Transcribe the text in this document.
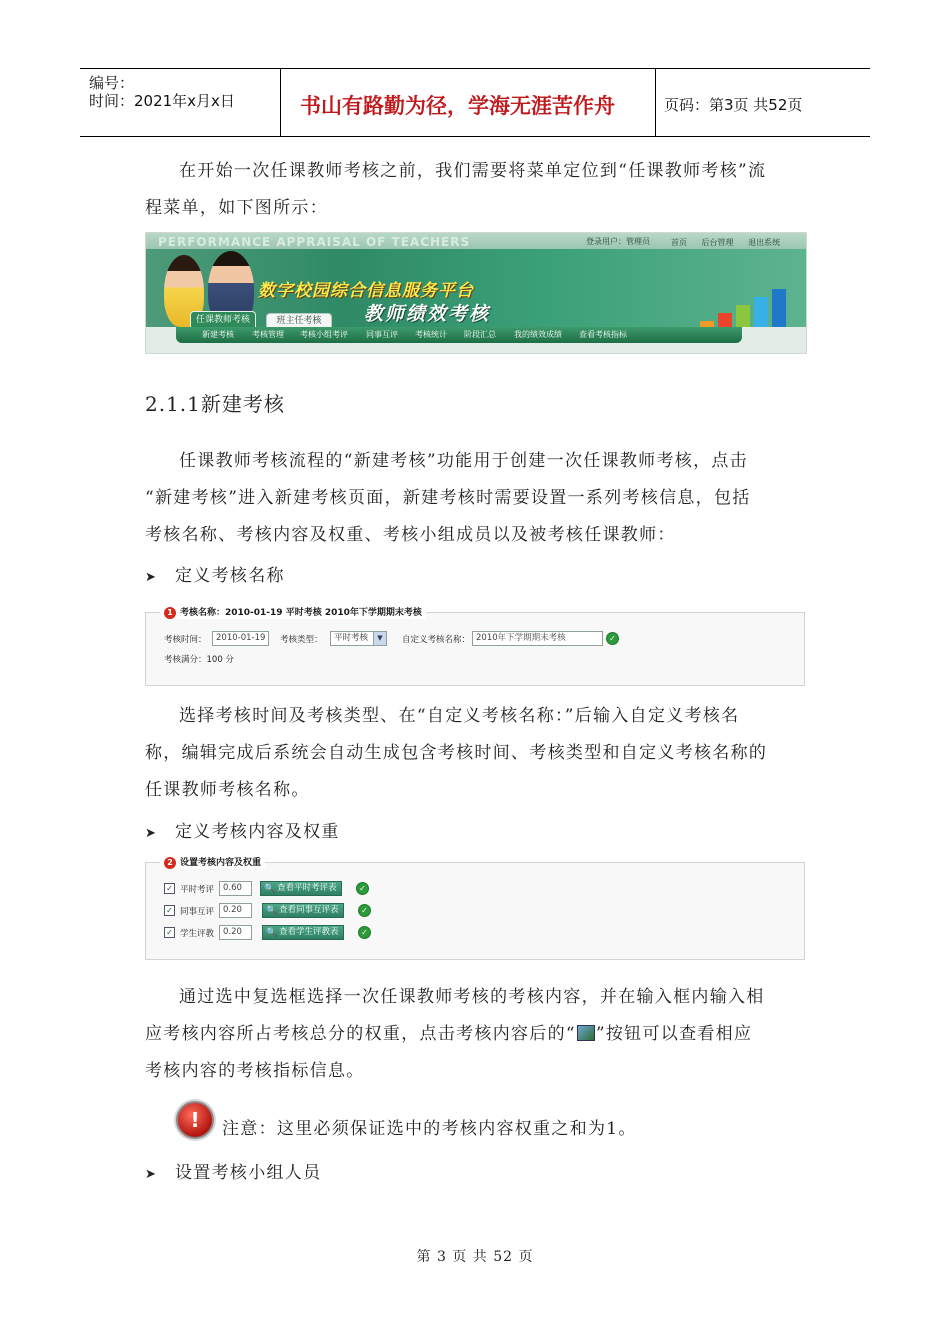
编号：
时间：2021年x月x日	书山有路勤为径，学海无涯苦作舟	页码：第3页 共52页
在开始一次任课教师考核之前，我们需要将菜单定位到“任课教师考核”流
程菜单，如下图所示：
PERFORMANCE APPRAISAL OF TEACHERS	登录用户：管理员	首页 后台管理 退出系统
数字校园综合信息服务平台
教师绩效考核
任课教师考核	班主任考核
新建考核 考核管理 考核小组考评 同事互评 考核统计 阶段汇总 我的绩效成绩 查看考核指标
2.1.1新建考核
任课教师考核流程的“新建考核”功能用于创建一次任课教师考核，点击
“新建考核”进入新建考核页面，新建考核时需要设置一系列考核信息，包括
考核名称、考核内容及权重、考核小组成员以及被考核任课教师：
➤ 定义考核名称
1 考核名称：2010-01-19 平时考核 2010年下学期期末考核
考核时间：	2010-01-19	考核类型：	平时考核	▼	自定义考核名称： 2010年下学期期末考核	✓
考核满分：100 分
选择考核时间及考核类型、在“自定义考核名称：”后输入自定义考核名
称，编辑完成后系统会自动生成包含考核时间、考核类型和自定义考核名称的
任课教师考核名称。
➤ 定义考核内容及权重
2 设置考核内容及权重
✓ 平时考评	0.60	🔍 查看平时考评表	✓
✓ 同事互评	0.20	🔍 查看同事互评表	✓
✓ 学生评教	0.20	🔍 查看学生评教表	✓
通过选中复选框选择一次任课教师考核的考核内容，并在输入框内输入相
应考核内容所占考核总分的权重，点击考核内容后的“ ”按钮可以查看相应
考核内容的考核指标信息。
!	注意：这里必须保证选中的考核内容权重之和为1。
➤ 设置考核小组人员
第 3 页 共 52 页
